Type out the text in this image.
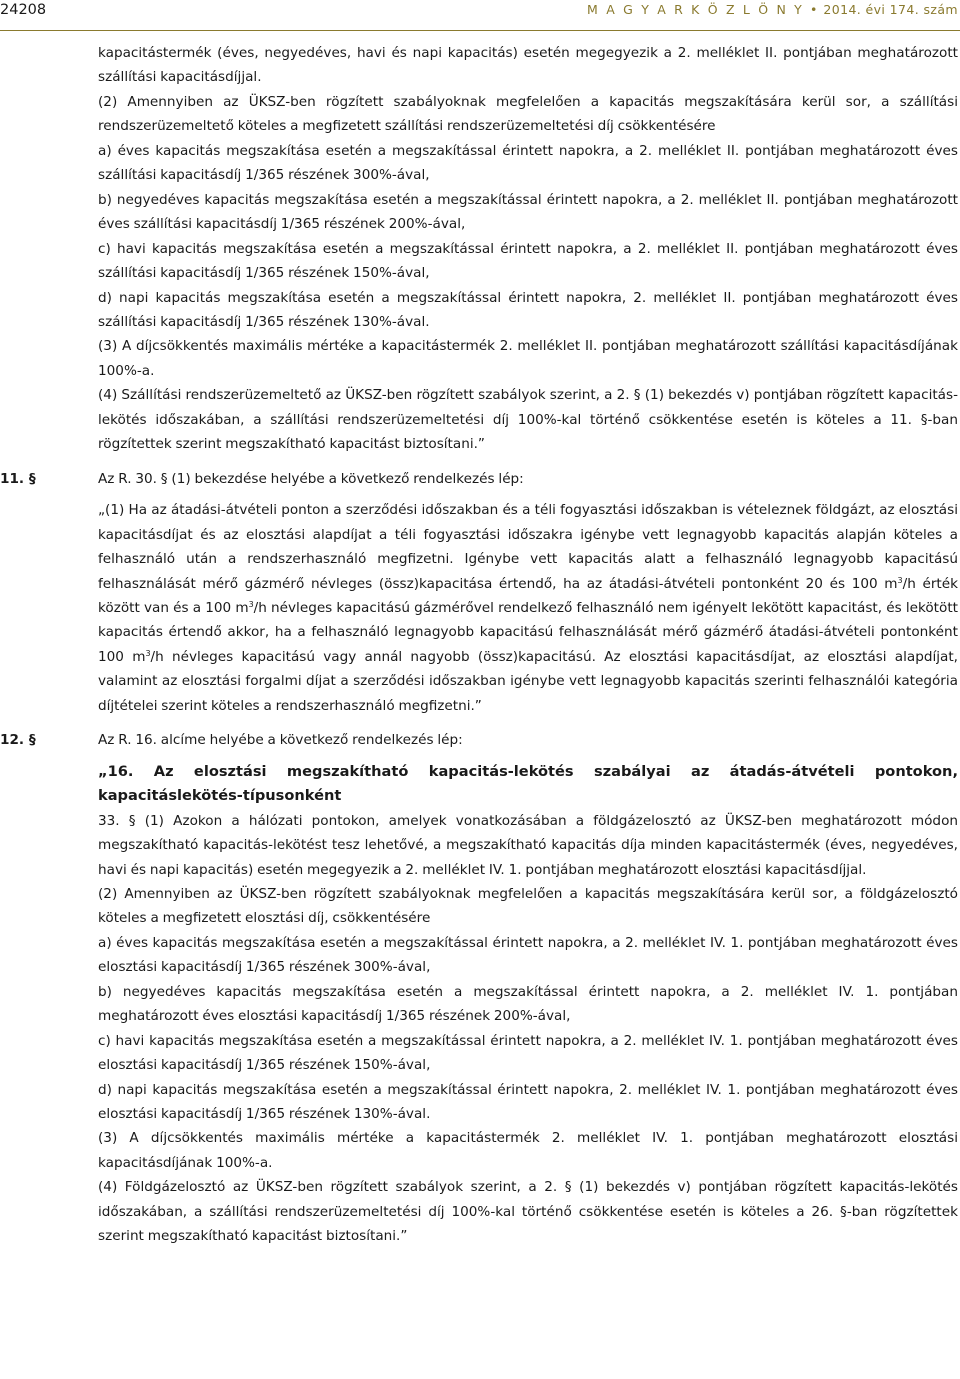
24208	M A G Y A R K Ö Z L Ö N Y • 2014. évi 174. szám

kapacitástermék (éves, negyedéves, havi és napi kapacitás) esetén megegyezik a 2. melléklet II. pontjában meghatározott szállítási kapacitásdíjjal.

(2) Amennyiben az ÜKSZ-ben rögzített szabályoknak megfelelően a kapacitás megszakítására kerül sor, a szállítási rendszerüzemeltető köteles a megfizetett szállítási rendszerüzemeltetési díj csökkentésére

a) éves kapacitás megszakítása esetén a megszakítással érintett napokra, a 2. melléklet II. pontjában meghatározott éves szállítási kapacitásdíj 1/365 részének 300%-ával,

b) negyedéves kapacitás megszakítása esetén a megszakítással érintett napokra, a 2. melléklet II. pontjában meghatározott éves szállítási kapacitásdíj 1/365 részének 200%-ával,

c) havi kapacitás megszakítása esetén a megszakítással érintett napokra, a 2. melléklet II. pontjában meghatározott éves szállítási kapacitásdíj 1/365 részének 150%-ával,

d) napi kapacitás megszakítása esetén a megszakítással érintett napokra, 2. melléklet II. pontjában meghatározott éves szállítási kapacitásdíj 1/365 részének 130%-ával.

(3) A díjcsökkentés maximális mértéke a kapacitástermék 2. melléklet II. pontjában meghatározott szállítási kapacitásdíjának 100%-a.

(4) Szállítási rendszerüzemeltető az ÜKSZ-ben rögzített szabályok szerint, a 2. § (1) bekezdés v) pontjában rögzített kapacitás-lekötés időszakában, a szállítási rendszerüzemeltetési díj 100%-kal történő csökkentése esetén is köteles a 11. §-ban rögzítettek szerint megszakítható kapacitást biztosítani.”

11. §	Az R. 30. § (1) bekezdése helyébe a következő rendelkezés lép:

„(1) Ha az átadási-átvételi ponton a szerződési időszakban és a téli fogyasztási időszakban is vételeznek földgázt, az elosztási kapacitásdíjat és az elosztási alapdíjat a téli fogyasztási időszakra igénybe vett legnagyobb kapacitás alapján köteles a felhasználó után a rendszerhasználó megfizetni. Igénybe vett kapacitás alatt a felhasználó legnagyobb kapacitású felhasználását mérő gázmérő névleges (össz)kapacitása értendő, ha az átadási-átvételi pontonként 20 és 100 $m^3/h$ érték között van és a 100 $m^3/h$ névleges kapacitású gázmérővel rendelkező felhasználó nem igényelt lekötött kapacitást, és lekötött kapacitás értendő akkor, ha a felhasználó legnagyobb kapacitású felhasználását mérő gázmérő átadási-átvételi pontonként 100 $m^3/h$ névleges kapacitású vagy annál nagyobb (össz)kapacitású. Az elosztási kapacitásdíjat, az elosztási alapdíjat, valamint az elosztási forgalmi díjat a szerződési időszakban igénybe vett legnagyobb kapacitás szerinti felhasználói kategória díjtételei szerint köteles a rendszerhasználó megfizetni.”

12. §	Az R. 16. alcíme helyébe a következő rendelkezés lép:

„16. Az elosztási megszakítható kapacitás-lekötés szabályai az átadás-átvételi pontokon, kapacitáslekötés-típusonként

33. § (1) Azokon a hálózati pontokon, amelyek vonatkozásában a földgázelosztó az ÜKSZ-ben meghatározott módon megszakítható kapacitás-lekötést tesz lehetővé, a megszakítható kapacitás díja minden kapacitástermék (éves, negyedéves, havi és napi kapacitás) esetén megegyezik a 2. melléklet IV. 1. pontjában meghatározott elosztási kapacitásdíjjal.

(2) Amennyiben az ÜKSZ-ben rögzített szabályoknak megfelelően a kapacitás megszakítására kerül sor, a földgázelosztó köteles a megfizetett elosztási díj, csökkentésére

a) éves kapacitás megszakítása esetén a megszakítással érintett napokra, a 2. melléklet IV. 1. pontjában meghatározott éves elosztási kapacitásdíj 1/365 részének 300%-ával,

b) negyedéves kapacitás megszakítása esetén a megszakítással érintett napokra, a 2. melléklet IV. 1. pontjában meghatározott éves elosztási kapacitásdíj 1/365 részének 200%-ával,

c) havi kapacitás megszakítása esetén a megszakítással érintett napokra, a 2. melléklet IV. 1. pontjában meghatározott éves elosztási kapacitásdíj 1/365 részének 150%-ával,

d) napi kapacitás megszakítása esetén a megszakítással érintett napokra, 2. melléklet IV. 1. pontjában meghatározott éves elosztási kapacitásdíj 1/365 részének 130%-ával.

(3) A díjcsökkentés maximális mértéke a kapacitástermék 2. melléklet IV. 1. pontjában meghatározott elosztási kapacitásdíjának 100%-a.

(4) Földgázelosztó az ÜKSZ-ben rögzített szabályok szerint, a 2. § (1) bekezdés v) pontjában rögzített kapacitás-lekötés időszakában, a szállítási rendszerüzemeltetési díj 100%-kal történő csökkentése esetén is köteles a 26. §-ban rögzítettek szerint megszakítható kapacitást biztosítani.”
